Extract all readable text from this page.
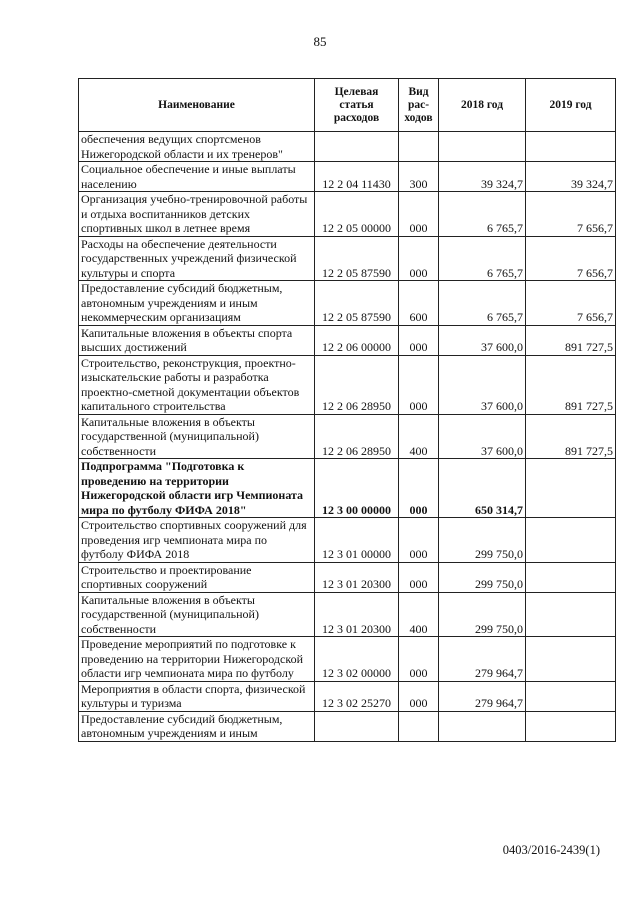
85
Наименование	Целевая статья расходов	Вид рас- ходов	2018 год	2019 год
обеспечения ведущих спортсменов Нижегородской области и их тренеров"				
Социальное обеспечение и иные выплаты населению	12 2 04 11430	300	39 324,7	39 324,7
Организация учебно-тренировочной работы и отдыха воспитанников детских спортивных школ в летнее время	12 2 05 00000	000	6 765,7	7 656,7
Расходы на обеспечение деятельности государственных учреждений физической культуры и спорта	12 2 05 87590	000	6 765,7	7 656,7
Предоставление субсидий бюджетным, автономным учреждениям и иным некоммерческим организациям	12 2 05 87590	600	6 765,7	7 656,7
Капитальные вложения в объекты спорта высших достижений	12 2 06 00000	000	37 600,0	891 727,5
Строительство, реконструкция, проектно-изыскательские работы и разработка проектно-сметной документации объектов капитального строительства	12 2 06 28950	000	37 600,0	891 727,5
Капитальные вложения в объекты государственной (муниципальной) собственности	12 2 06 28950	400	37 600,0	891 727,5
Подпрограмма "Подготовка к проведению на территории Нижегородской области игр Чемпионата мира по футболу ФИФА 2018"	12 3 00 00000	000	650 314,7	
Строительство спортивных сооружений для проведения игр чемпионата мира по футболу ФИФА 2018	12 3 01 00000	000	299 750,0	
Строительство и проектирование спортивных сооружений	12 3 01 20300	000	299 750,0	
Капитальные вложения в объекты государственной (муниципальной) собственности	12 3 01 20300	400	299 750,0	
Проведение мероприятий по подготовке к проведению на территории Нижегородской области игр чемпионата мира по футболу	12 3 02 00000	000	279 964,7	
Мероприятия в области спорта, физической культуры и туризма	12 3 02 25270	000	279 964,7	
Предоставление субсидий бюджетным, автономным учреждениям и иным				
0403/2016-2439(1)
